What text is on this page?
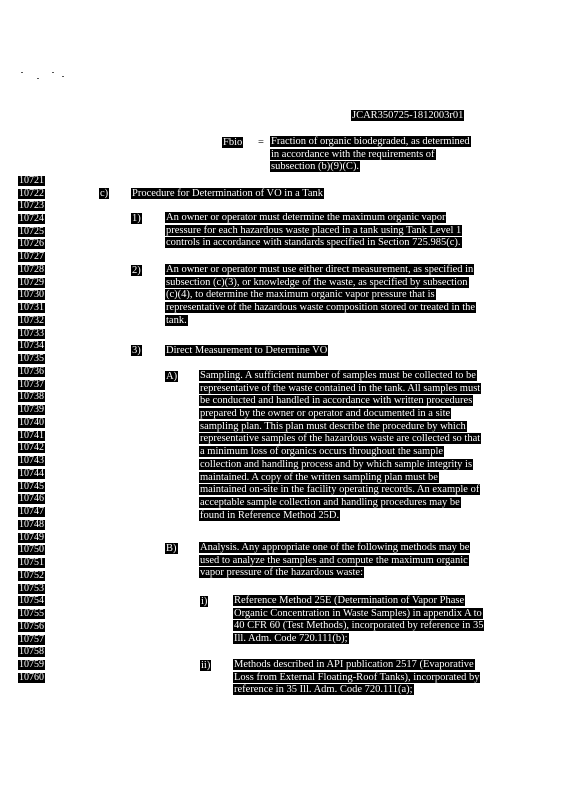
JCAR350725-1812003r01
Fbio = Fraction of organic biodegraded, as determined
in accordance with the requirements of
subsection (b)(9)(C).
10721
10722
10723
10724
10725
10726
10727
10728
10729
10730
10731
10732
10733
10734
10735
10736
10737
10738
10739
10740
10741
10742
10743
10744
10745
10746
10747
10748
10749
10750
10751
10752
10753
10754
10755
10756
10757
10758
10759
10760
c) Procedure for Determination of VO in a Tank
1) An owner or operator must determine the maximum organic vapor
pressure for each hazardous waste placed in a tank using Tank Level 1
controls in accordance with standards specified in Section 725.985(c).
2) An owner or operator must use either direct measurement, as specified in
subsection (c)(3), or knowledge of the waste, as specified by subsection
(c)(4), to determine the maximum organic vapor pressure that is
representative of the hazardous waste composition stored or treated in the
tank.
3) Direct Measurement to Determine VO
A) Sampling. A sufficient number of samples must be collected to be
representative of the waste contained in the tank. All samples must
be conducted and handled in accordance with written procedures
prepared by the owner or operator and documented in a site
sampling plan. This plan must describe the procedure by which
representative samples of the hazardous waste are collected so that
a minimum loss of organics occurs throughout the sample
collection and handling process and by which sample integrity is
maintained. A copy of the written sampling plan must be
maintained on-site in the facility operating records. An example of
acceptable sample collection and handling procedures may be
found in Reference Method 25D.
B) Analysis. Any appropriate one of the following methods may be
used to analyze the samples and compute the maximum organic
vapor pressure of the hazardous waste:
i)	Reference Method 25E (Determination of Vapor Phase
Organic Concentration in Waste Samples) in appendix A to
40 CFR 60 (Test Methods), incorporated by reference in 35
Ill. Adm. Code 720.111(b);
ii) Methods described in API publication 2517 (Evaporative
Loss from External Floating-Roof Tanks), incorporated by
reference in 35 Ill. Adm. Code 720.111(a);
